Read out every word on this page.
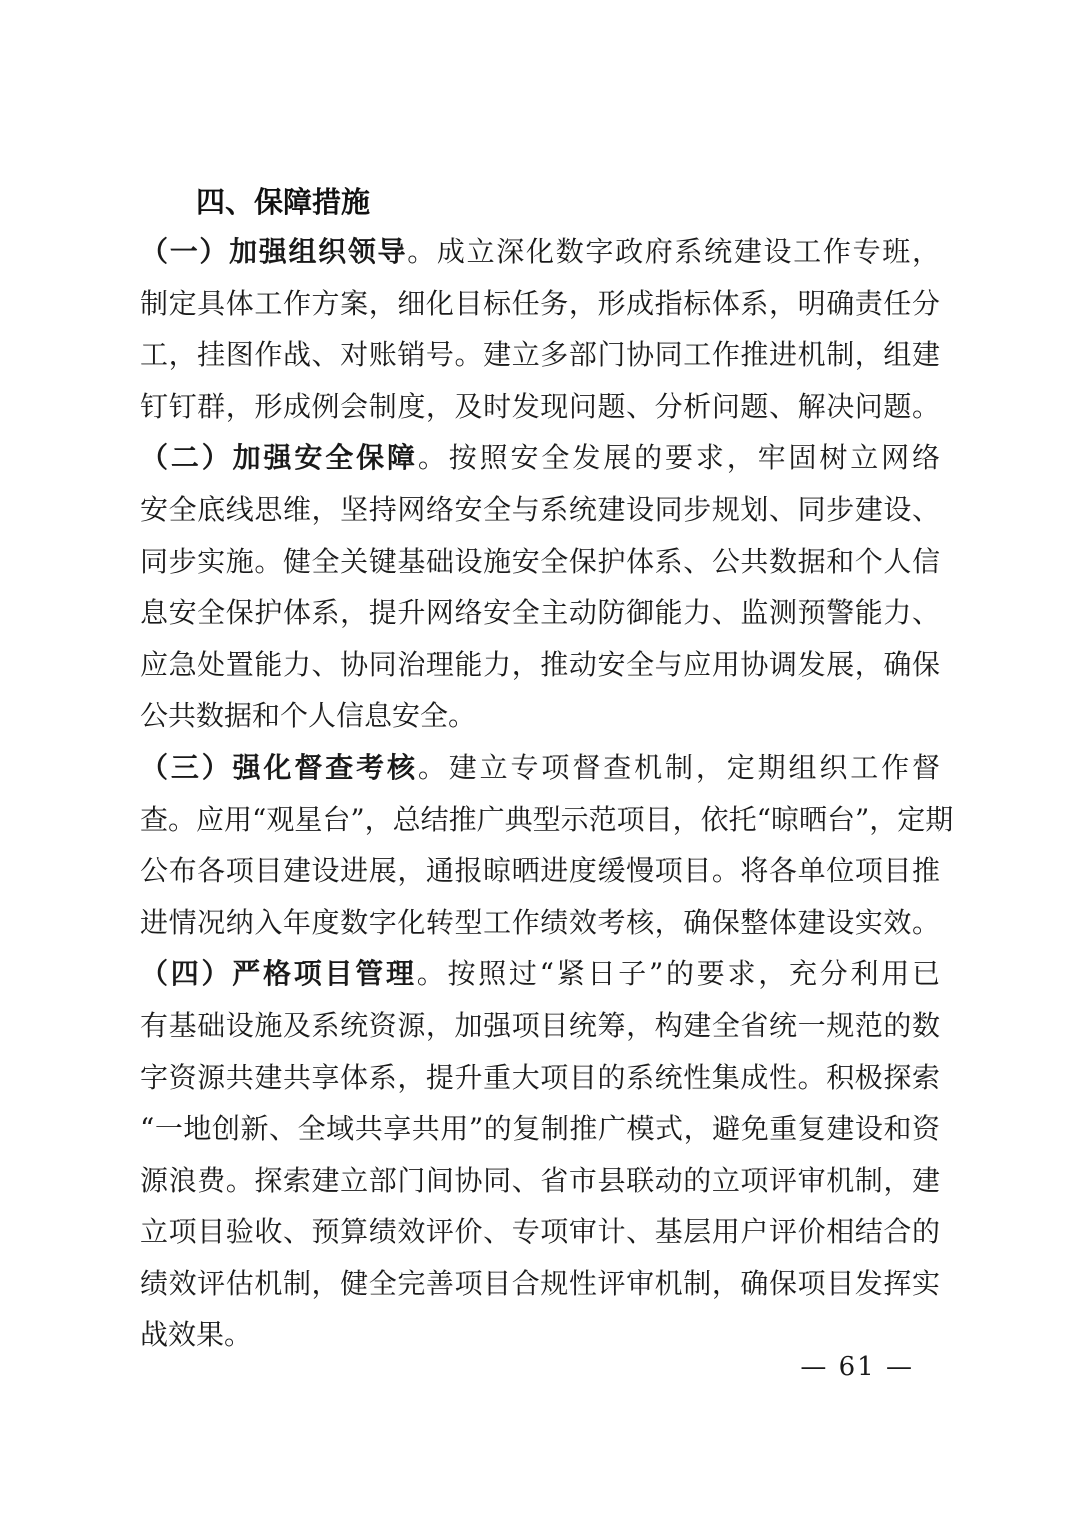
四、保障措施
（一）加强组织领导。成立深化数字政府系统建设工作专班，
制定具体工作方案，细化目标任务，形成指标体系，明确责任分
工，挂图作战、对账销号。建立多部门协同工作推进机制，组建
钉钉群，形成例会制度，及时发现问题、分析问题、解决问题。
（二）加强安全保障。按照安全发展的要求，牢固树立网络
安全底线思维，坚持网络安全与系统建设同步规划、同步建设、
同步实施。健全关键基础设施安全保护体系、公共数据和个人信
息安全保护体系，提升网络安全主动防御能力、监测预警能力、
应急处置能力、协同治理能力，推动安全与应用协调发展，确保
公共数据和个人信息安全。
（三）强化督查考核。建立专项督查机制，定期组织工作督
查。应用“观星台”，总结推广典型示范项目，依托“晾晒台”，定期
公布各项目建设进展，通报晾晒进度缓慢项目。将各单位项目推
进情况纳入年度数字化转型工作绩效考核，确保整体建设实效。
（四）严格项目管理。按照过“紧日子”的要求，充分利用已
有基础设施及系统资源，加强项目统筹，构建全省统一规范的数
字资源共建共享体系，提升重大项目的系统性集成性。积极探索
“一地创新、全域共享共用”的复制推广模式，避免重复建设和资
源浪费。探索建立部门间协同、省市县联动的立项评审机制，建
立项目验收、预算绩效评价、专项审计、基层用户评价相结合的
绩效评估机制，健全完善项目合规性评审机制，确保项目发挥实
战效果。
— 61 —
